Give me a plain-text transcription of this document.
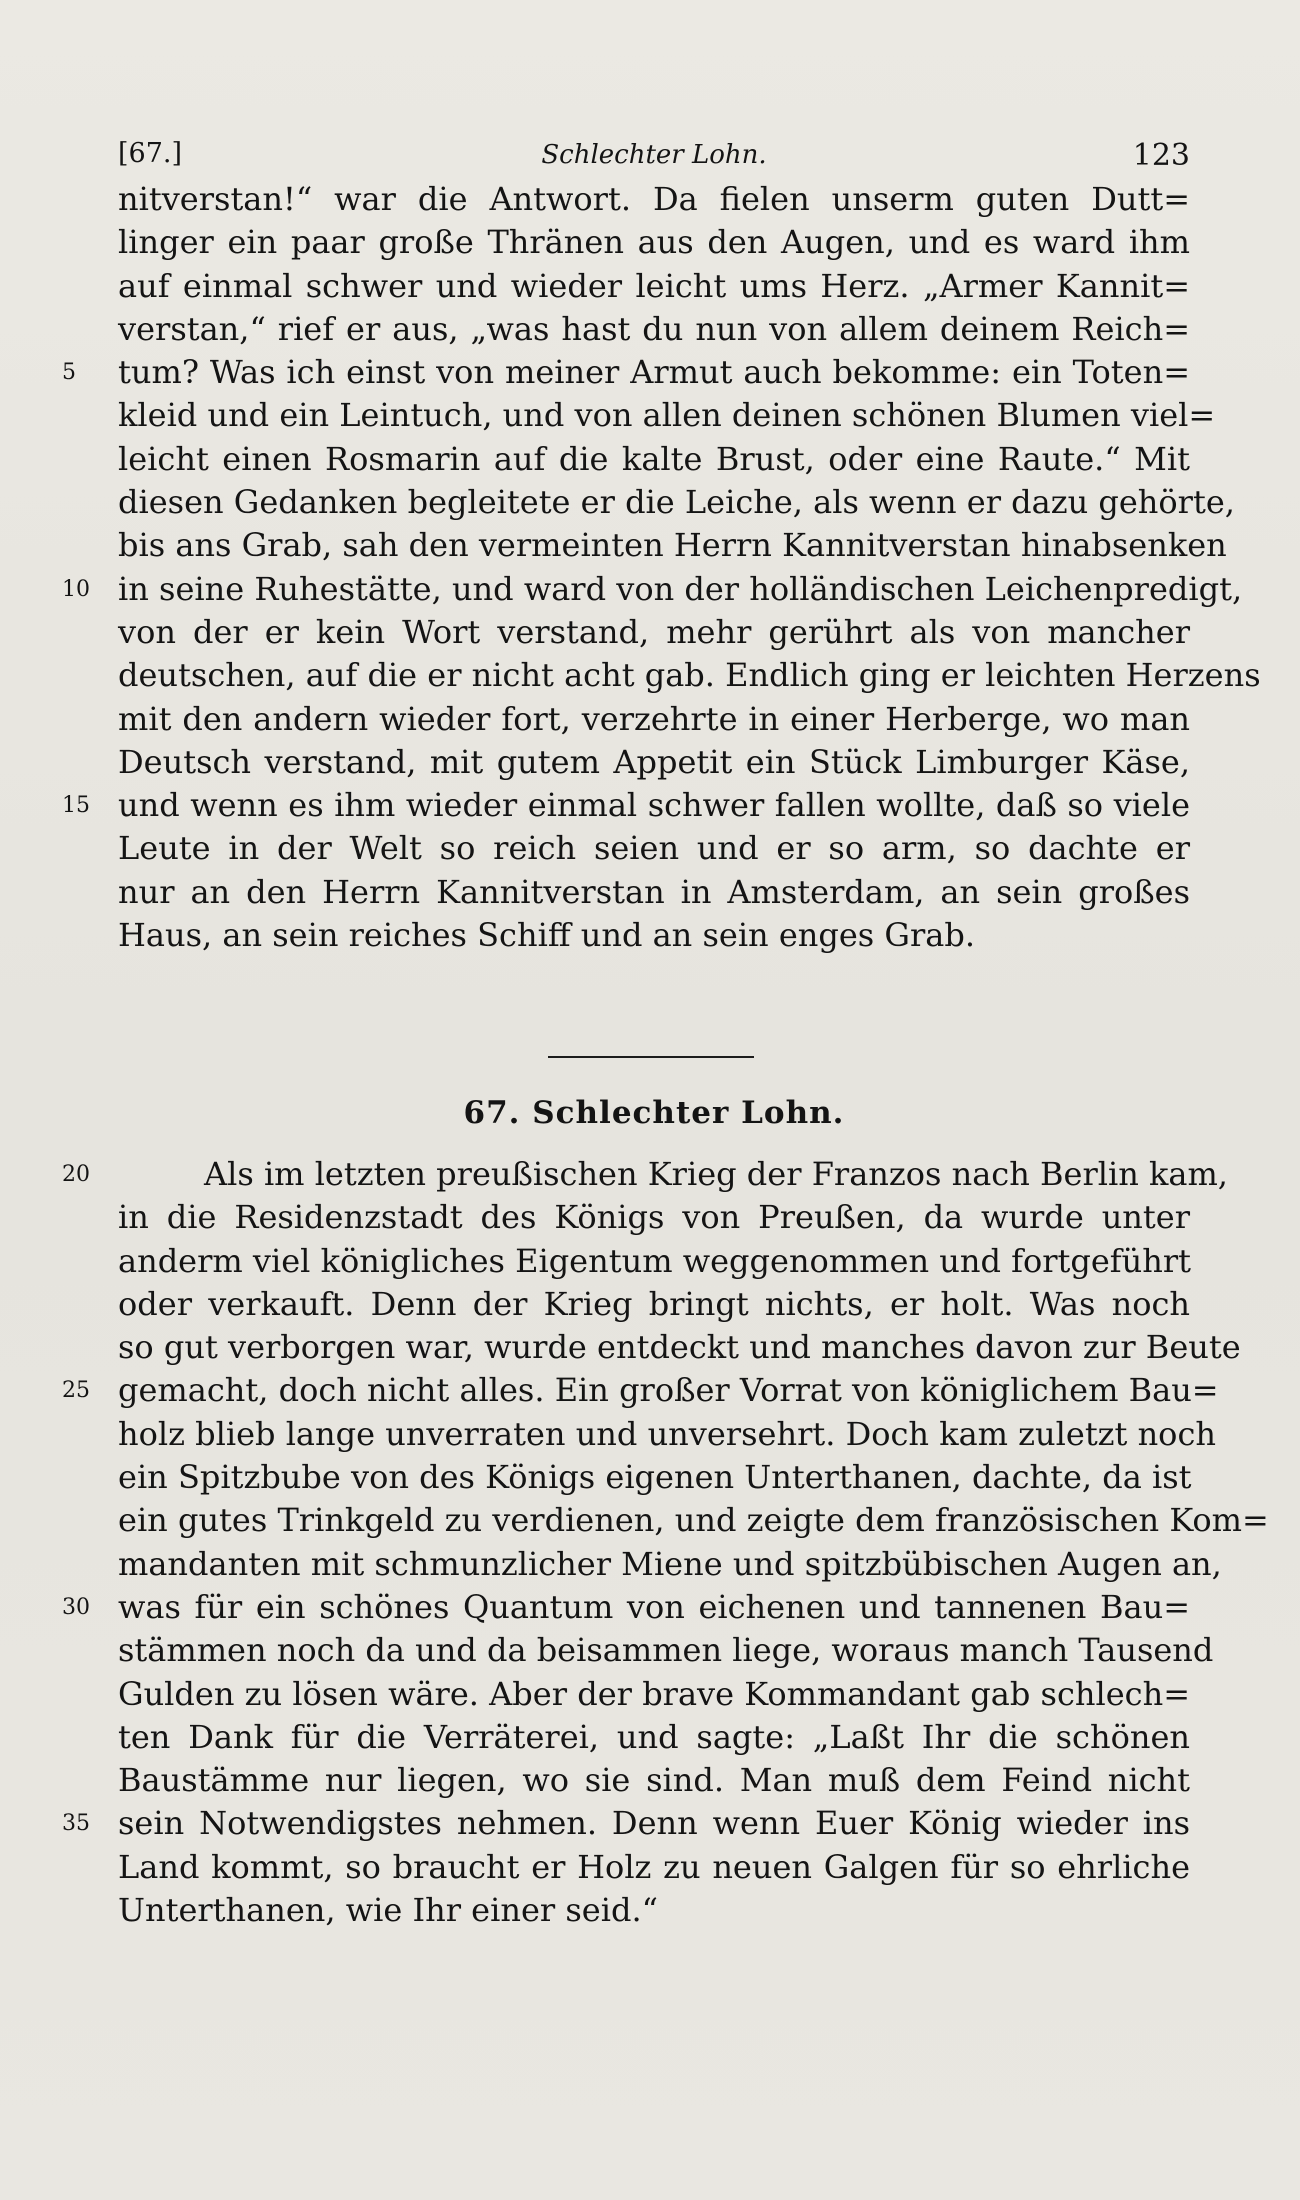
[67.]	Schlechter Lohn.	123
nitverstan!“ war die Antwort. Da fielen unserm guten Dutt=
linger ein paar große Thränen aus den Augen, und es ward ihm
auf einmal schwer und wieder leicht ums Herz. „Armer Kannit=
verstan,“ rief er aus, „was hast du nun von allem deinem Reich=
5	tum? Was ich einst von meiner Armut auch bekomme: ein Toten=
kleid und ein Leintuch, und von allen deinen schönen Blumen viel=
leicht einen Rosmarin auf die kalte Brust, oder eine Raute.“ Mit
diesen Gedanken begleitete er die Leiche, als wenn er dazu gehörte,
bis ans Grab, sah den vermeinten Herrn Kannitverstan hinabsenken
10 in seine Ruhestätte, und ward von der holländischen Leichenpredigt,
von der er kein Wort verstand, mehr gerührt als von mancher
deutschen, auf die er nicht acht gab. Endlich ging er leichten Herzens
mit den andern wieder fort, verzehrte in einer Herberge, wo man
Deutsch verstand, mit gutem Appetit ein Stück Limburger Käse,
15 und wenn es ihm wieder einmal schwer fallen wollte, daß so viele
Leute in der Welt so reich seien und er so arm, so dachte er
nur an den Herrn Kannitverstan in Amsterdam, an sein großes
Haus, an sein reiches Schiff und an sein enges Grab.
67. Schlechter Lohn.
20	Als im letzten preußischen Krieg der Franzos nach Berlin kam,
in die Residenzstadt des Königs von Preußen, da wurde unter
anderm viel königliches Eigentum weggenommen und fortgeführt
oder verkauft. Denn der Krieg bringt nichts, er holt. Was noch
so gut verborgen war, wurde entdeckt und manches davon zur Beute
25 gemacht, doch nicht alles. Ein großer Vorrat von königlichem Bau=
holz blieb lange unverraten und unversehrt. Doch kam zuletzt noch
ein Spitzbube von des Königs eigenen Unterthanen, dachte, da ist
ein gutes Trinkgeld zu verdienen, und zeigte dem französischen Kom=
mandanten mit schmunzlicher Miene und spitzbübischen Augen an,
30 was für ein schönes Quantum von eichenen und tannenen Bau=
stämmen noch da und da beisammen liege, woraus manch Tausend
Gulden zu lösen wäre. Aber der brave Kommandant gab schlech=
ten Dank für die Verräterei, und sagte: „Laßt Ihr die schönen
Baustämme nur liegen, wo sie sind. Man muß dem Feind nicht
35 sein Notwendigstes nehmen. Denn wenn Euer König wieder ins
Land kommt, so braucht er Holz zu neuen Galgen für so ehrliche
Unterthanen, wie Ihr einer seid.“
